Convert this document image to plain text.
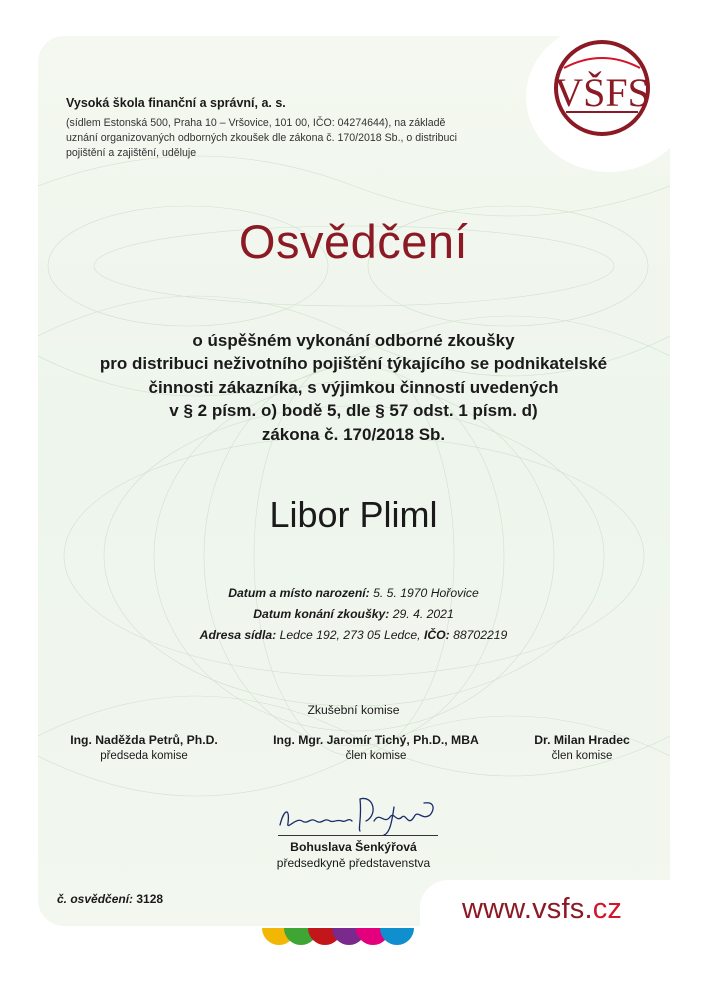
VŠFS
Vysoká škola finanční a správní, a. s.
(sídlem Estonská 500, Praha 10 – Vršovice, 101 00, IČO: 04274644), na základě
uznání organizovaných odborných zkoušek dle zákona č. 170/2018 Sb., o distribuci
pojištění a zajištění, uděluje
Osvědčení
o úspěšném vykonání odborné zkoušky
pro distribuci neživotního pojištění týkajícího se podnikatelské
činnosti zákazníka, s výjimkou činností uvedených
v § 2 písm. o) bodě 5, dle § 57 odst. 1 písm. d)
zákona č. 170/2018 Sb.
Libor Pliml
Datum a místo narození: 5. 5. 1970 Hořovice
Datum konání zkoušky: 29. 4. 2021
Adresa sídla: Ledce 192, 273 05 Ledce, IČO: 88702219
Zkušební komise
Ing. Naděžda Petrů, Ph.D.
předseda komise
Ing. Mgr. Jaromír Tichý, Ph.D., MBA
člen komise
Dr. Milan Hradec
člen komise
Bohuslava Šenkýřová
předsedkyně představenstva
č. osvědčení: 3128	www.vsfs.cz
